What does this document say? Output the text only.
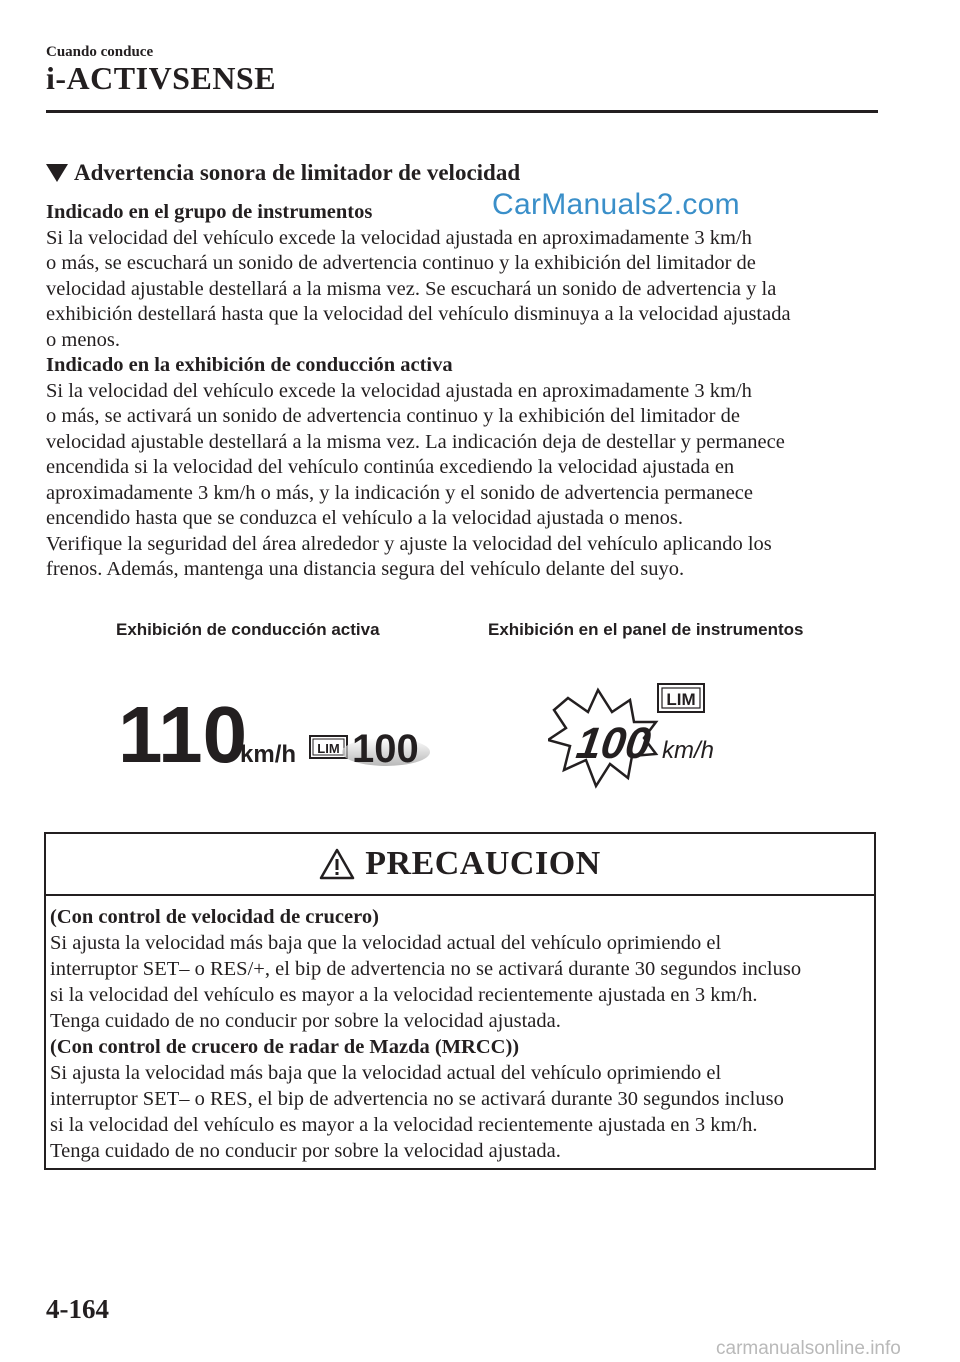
Cuando conduce
i-ACTIVSENSE
Advertencia sonora de limitador de velocidad
CarManuals2.com

Indicado en el grupo de instrumentos

Si la velocidad del vehículo excede la velocidad ajustada en aproximadamente 3 km/h

o más, se escuchará un sonido de advertencia continuo y la exhibición del limitador de

velocidad ajustable destellará a la misma vez. Se escuchará un sonido de advertencia y la

exhibición destellará hasta que la velocidad del vehículo disminuya a la velocidad ajustada

o menos.

Indicado en la exhibición de conducción activa

Si la velocidad del vehículo excede la velocidad ajustada en aproximadamente 3 km/h

o más, se activará un sonido de advertencia continuo y la exhibición del limitador de

velocidad ajustable destellará a la misma vez. La indicación deja de destellar y permanece

encendida si la velocidad del vehículo continúa excediendo la velocidad ajustada en

aproximadamente 3 km/h o más, y la indicación y el sonido de advertencia permanece

encendido hasta que se conduzca el vehículo a la velocidad ajustada o menos.

Verifique la seguridad del área alrededor y ajuste la velocidad del vehículo aplicando los

frenos. Además, mantenga una distancia segura del vehículo delante del suyo.

Exhibición de conducción activa	Exhibición en el panel de instrumentos
110
km/h LIM 100
LIM
100 km/h
PRECAUCION

(Con control de velocidad de crucero)

Si ajusta la velocidad más baja que la velocidad actual del vehículo oprimiendo el

interruptor SET– o RES/+, el bip de advertencia no se activará durante 30 segundos incluso

si la velocidad del vehículo es mayor a la velocidad recientemente ajustada en 3 km/h.

Tenga cuidado de no conducir por sobre la velocidad ajustada.

(Con control de crucero de radar de Mazda (MRCC))

Si ajusta la velocidad más baja que la velocidad actual del vehículo oprimiendo el

interruptor SET– o RES, el bip de advertencia no se activará durante 30 segundos incluso

si la velocidad del vehículo es mayor a la velocidad recientemente ajustada en 3 km/h.

Tenga cuidado de no conducir por sobre la velocidad ajustada.

4-164
carmanualsonline.info
